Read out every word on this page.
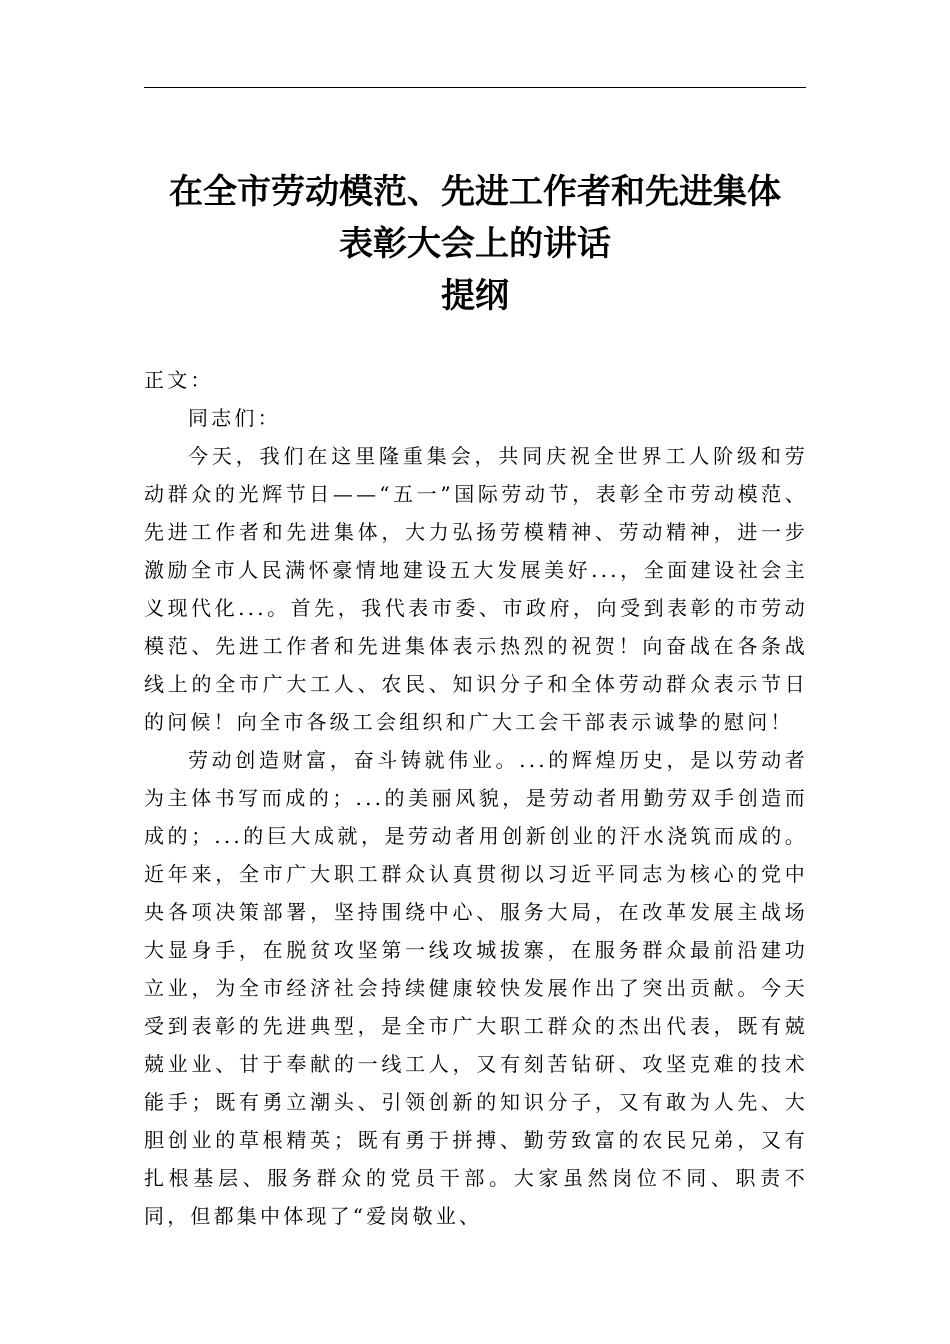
在全市劳动模范、先进工作者和先进集体
表彰大会上的讲话
提纲
正文：
同志们：

今天，我们在这里隆重集会，共同庆祝全世界工人阶级和劳动群众的光辉节日——“五一”国际劳动节，表彰全市劳动模范、先进工作者和先进集体，大力弘扬劳模精神、劳动精神，进一步激励全市人民满怀豪情地建设五大发展美好...，全面建设社会主义现代化...。首先，我代表市委、市政府，向受到表彰的市劳动模范、先进工作者和先进集体表示热烈的祝贺！向奋战在各条战线上的全市广大工人、农民、知识分子和全体劳动群众表示节日的问候！向全市各级工会组织和广大工会干部表示诚挚的慰问！

劳动创造财富，奋斗铸就伟业。...的辉煌历史，是以劳动者为主体书写而成的；...的美丽风貌，是劳动者用勤劳双手创造而成的；...的巨大成就，是劳动者用创新创业的汗水浇筑而成的。近年来，全市广大职工群众认真贯彻以习近平同志为核心的党中央各项决策部署，坚持围绕中心、服务大局，在改革发展主战场大显身手，在脱贫攻坚第一线攻城拔寨，在服务群众最前沿建功立业，为全市经济社会持续健康较快发展作出了突出贡献。今天受到表彰的先进典型，是全市广大职工群众的杰出代表，既有兢兢业业、甘于奉献的一线工人，又有刻苦钻研、攻坚克难的技术能手；既有勇立潮头、引领创新的知识分子，又有敢为人先、大胆创业的草根精英；既有勇于拼搏、勤劳致富的农民兄弟，又有扎根基层、服务群众的党员干部。大家虽然岗位不同、职责不同，但都集中体现了“爱岗敬业、
